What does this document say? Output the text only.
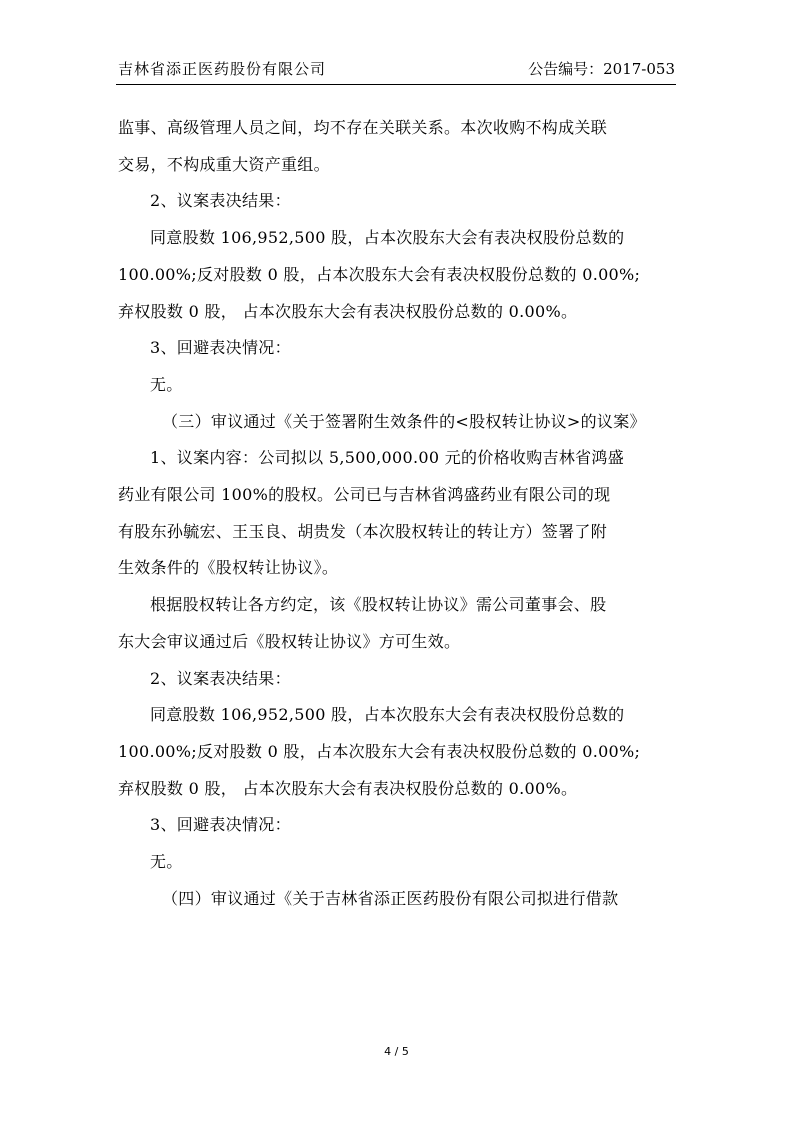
吉林省添正医药股份有限公司	公告编号：2017-053

监事、高级管理人员之间，均不存在关联关系。本次收购不构成关联

交易，不构成重大资产重组。

2、议案表决结果：

同意股数 106,952,500 股，占本次股东大会有表决权股份总数的

100.00%;反对股数 0 股，占本次股东大会有表决权股份总数的 0.00%;

弃权股数 0 股， 占本次股东大会有表决权股份总数的 0.00%。

3、回避表决情况：

无。

（三）审议通过《关于签署附生效条件的<股权转让协议>的议案》

1、议案内容：公司拟以 5,500,000.00 元的价格收购吉林省鸿盛

药业有限公司 100%的股权。公司已与吉林省鸿盛药业有限公司的现

有股东孙毓宏、王玉良、胡贵发（本次股权转让的转让方）签署了附

生效条件的《股权转让协议》。

根据股权转让各方约定，该《股权转让协议》需公司董事会、股

东大会审议通过后《股权转让协议》方可生效。

2、议案表决结果：

同意股数 106,952,500 股，占本次股东大会有表决权股份总数的

100.00%;反对股数 0 股，占本次股东大会有表决权股份总数的 0.00%;

弃权股数 0 股， 占本次股东大会有表决权股份总数的 0.00%。

3、回避表决情况：

无。

（四）审议通过《关于吉林省添正医药股份有限公司拟进行借款

4 / 5
